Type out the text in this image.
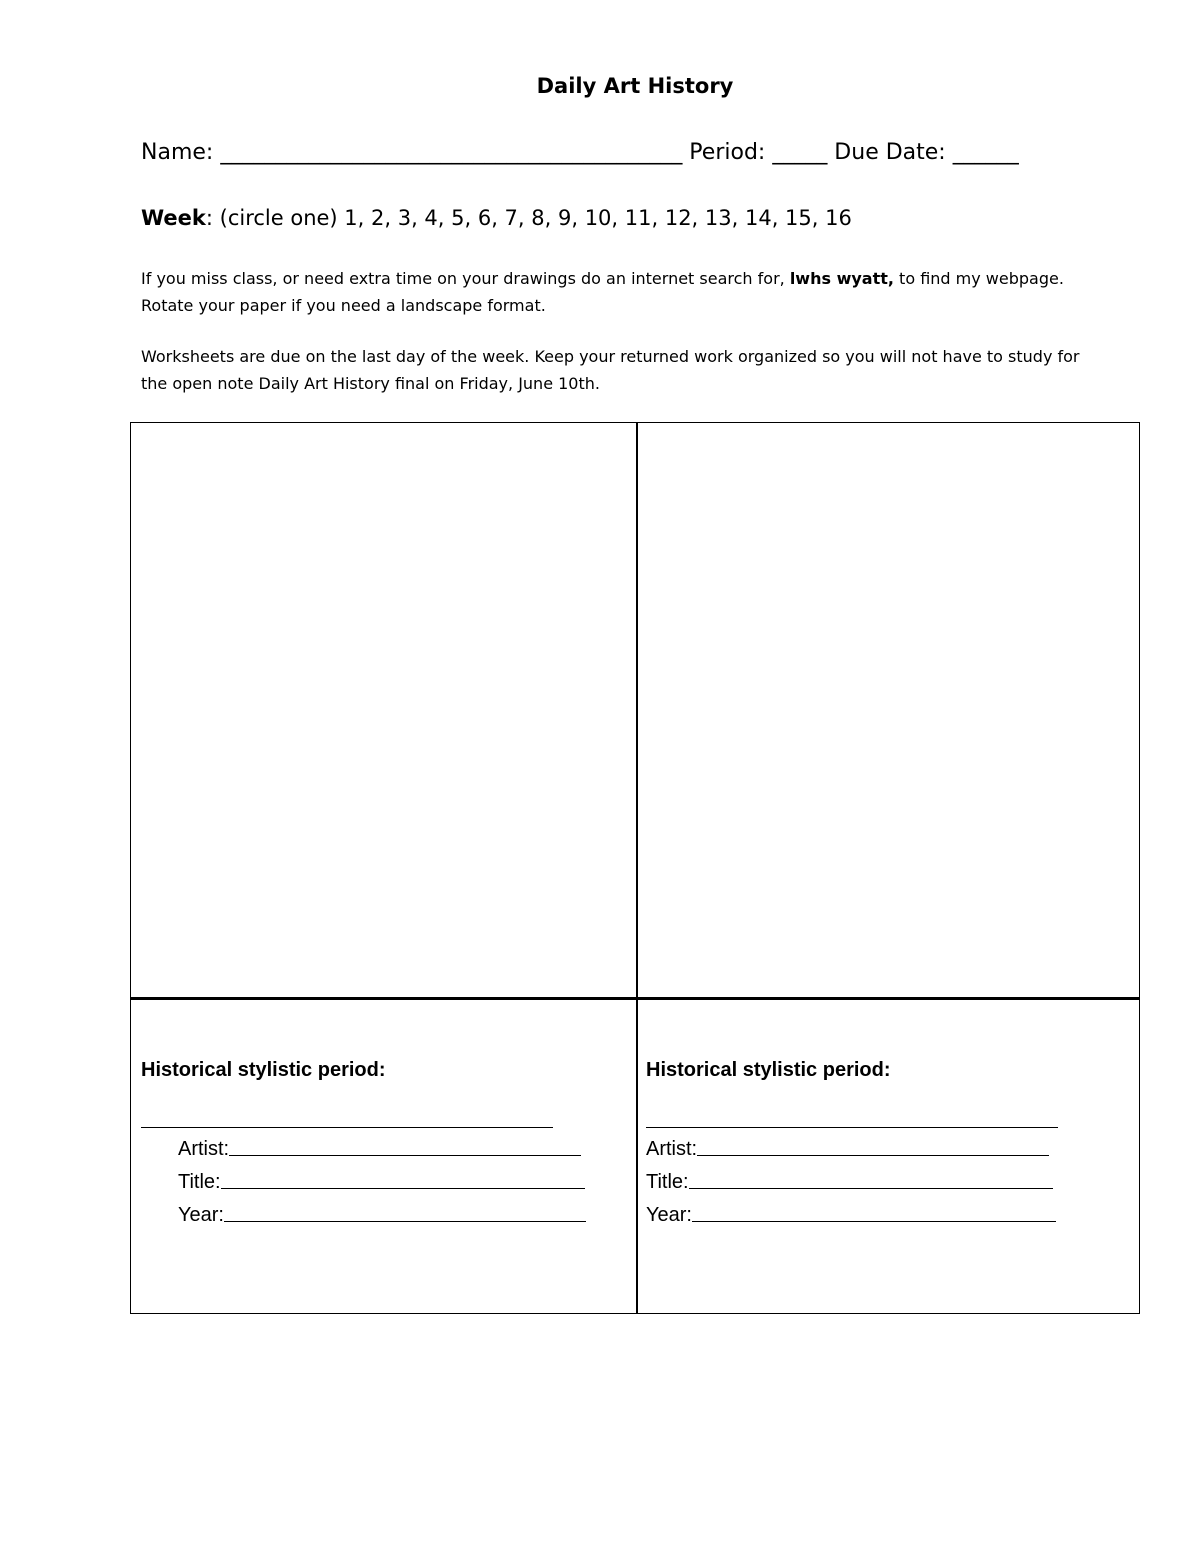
Daily Art History
Name: __________________________________________ Period: _____ Due Date: ______
Week: (circle one) 1, 2, 3, 4, 5, 6, 7, 8, 9, 10, 11, 12, 13, 14, 15, 16
If you miss class, or need extra time on your drawings do an internet search for, lwhs wyatt, to find my webpage. Rotate your paper if you need a landscape format.
Worksheets are due on the last day of the week. Keep your returned work organized so you will not have to study for the open note Daily Art History final on Friday, June 10th.
Historical stylistic period:
Artist:
Title:
Year:
Historical stylistic period:
Artist:
Title:
Year:
